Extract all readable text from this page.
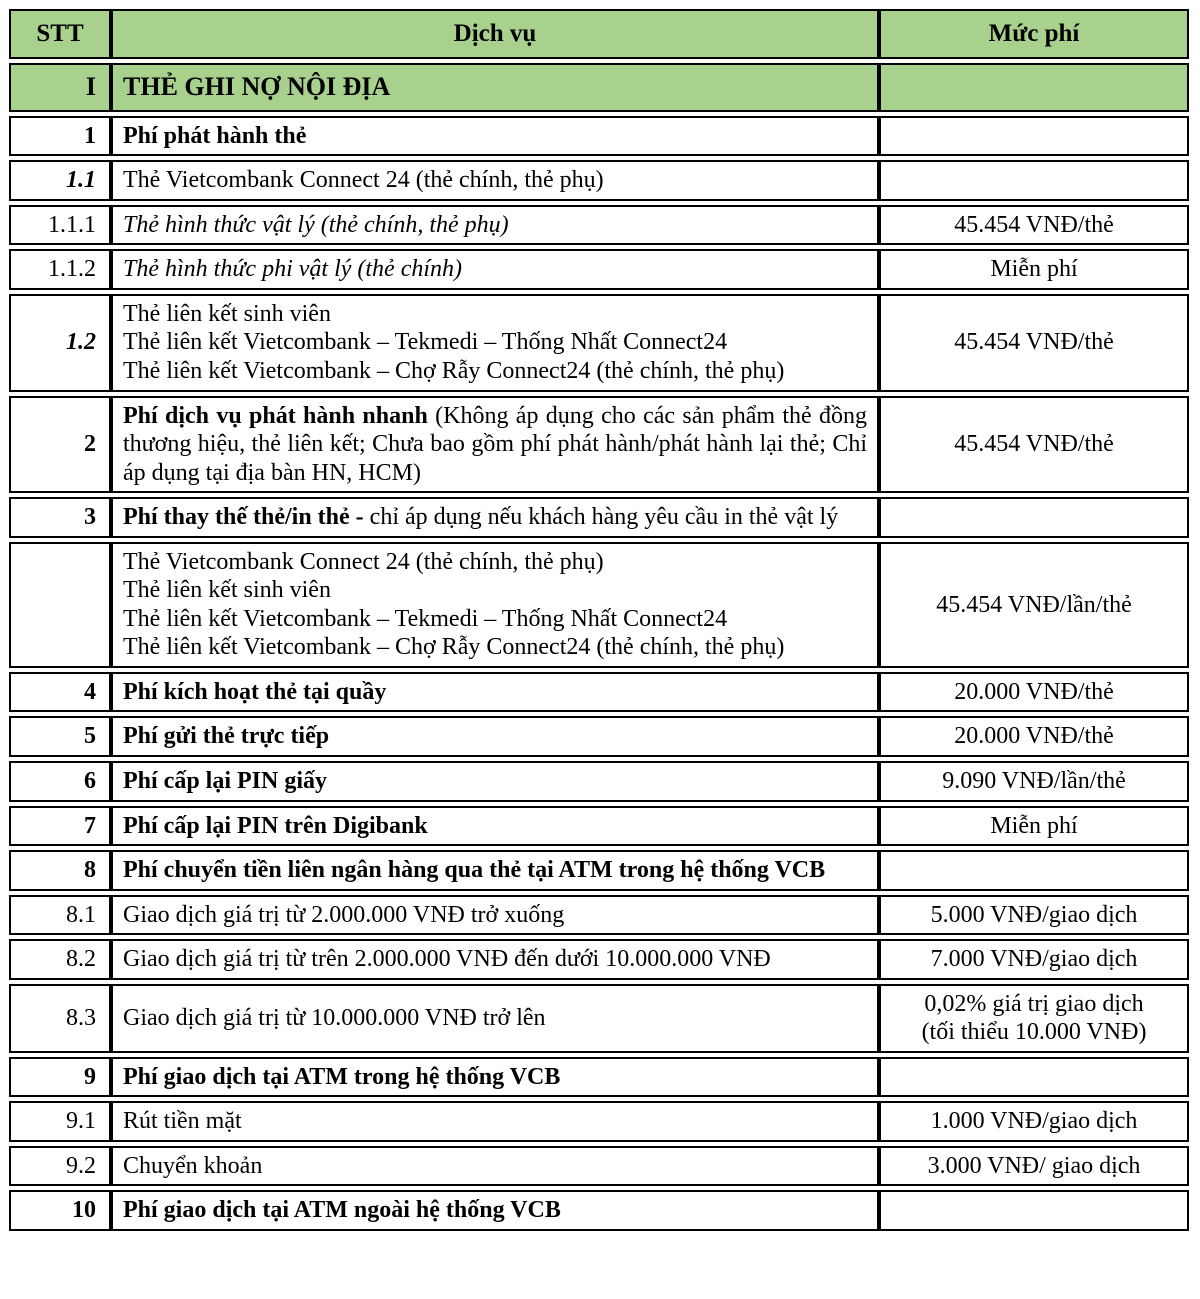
STT	Dịch vụ	Mức phí
I	THẺ GHI NỢ NỘI ĐỊA	
1	Phí phát hành thẻ	
1.1	Thẻ Vietcombank Connect 24 (thẻ chính, thẻ phụ)	
1.1.1	Thẻ hình thức vật lý (thẻ chính, thẻ phụ)	45.454 VNĐ/thẻ

1.1.2	Thẻ hình thức phi vật lý (thẻ chính)	Miễn phí

1.2	Thẻ liên kết sinh viên
Thẻ liên kết Vietcombank – Tekmedi – Thống Nhất Connect24
Thẻ liên kết Vietcombank – Chợ Rẫy Connect24 (thẻ chính, thẻ phụ)	45.454 VNĐ/thẻ

2	Phí dịch vụ phát hành nhanh (Không áp dụng cho các sản phẩm thẻ đồng thương hiệu, thẻ liên kết; Chưa bao gồm phí phát hành/phát hành lại thẻ; Chỉ áp dụng tại địa bàn HN, HCM)	45.454 VNĐ/thẻ

3	Phí thay thế thẻ/in thẻ - chỉ áp dụng nếu khách hàng yêu cầu in thẻ vật lý	

	Thẻ Vietcombank Connect 24 (thẻ chính, thẻ phụ)
Thẻ liên kết sinh viên
Thẻ liên kết Vietcombank – Tekmedi – Thống Nhất Connect24
Thẻ liên kết Vietcombank – Chợ Rẫy Connect24 (thẻ chính, thẻ phụ)	45.454 VNĐ/lần/thẻ

4	Phí kích hoạt thẻ tại quầy	20.000 VNĐ/thẻ

5	Phí gửi thẻ trực tiếp	20.000 VNĐ/thẻ

6	Phí cấp lại PIN giấy	9.090 VNĐ/lần/thẻ

7	Phí cấp lại PIN trên Digibank	Miễn phí

8	Phí chuyển tiền liên ngân hàng qua thẻ tại ATM trong hệ thống VCB	
8.1	Giao dịch giá trị từ 2.000.000 VNĐ trở xuống	5.000 VNĐ/giao dịch

8.2	Giao dịch giá trị từ trên 2.000.000 VNĐ đến dưới 10.000.000 VNĐ	7.000 VNĐ/giao dịch

8.3	Giao dịch giá trị từ 10.000.000 VNĐ trở lên	0,02% giá trị giao dịch
(tối thiểu 10.000 VNĐ)

9	Phí giao dịch tại ATM trong hệ thống VCB	
9.1	Rút tiền mặt	1.000 VNĐ/giao dịch

9.2	Chuyển khoản	3.000 VNĐ/ giao dịch

10	Phí giao dịch tại ATM ngoài hệ thống VCB	
